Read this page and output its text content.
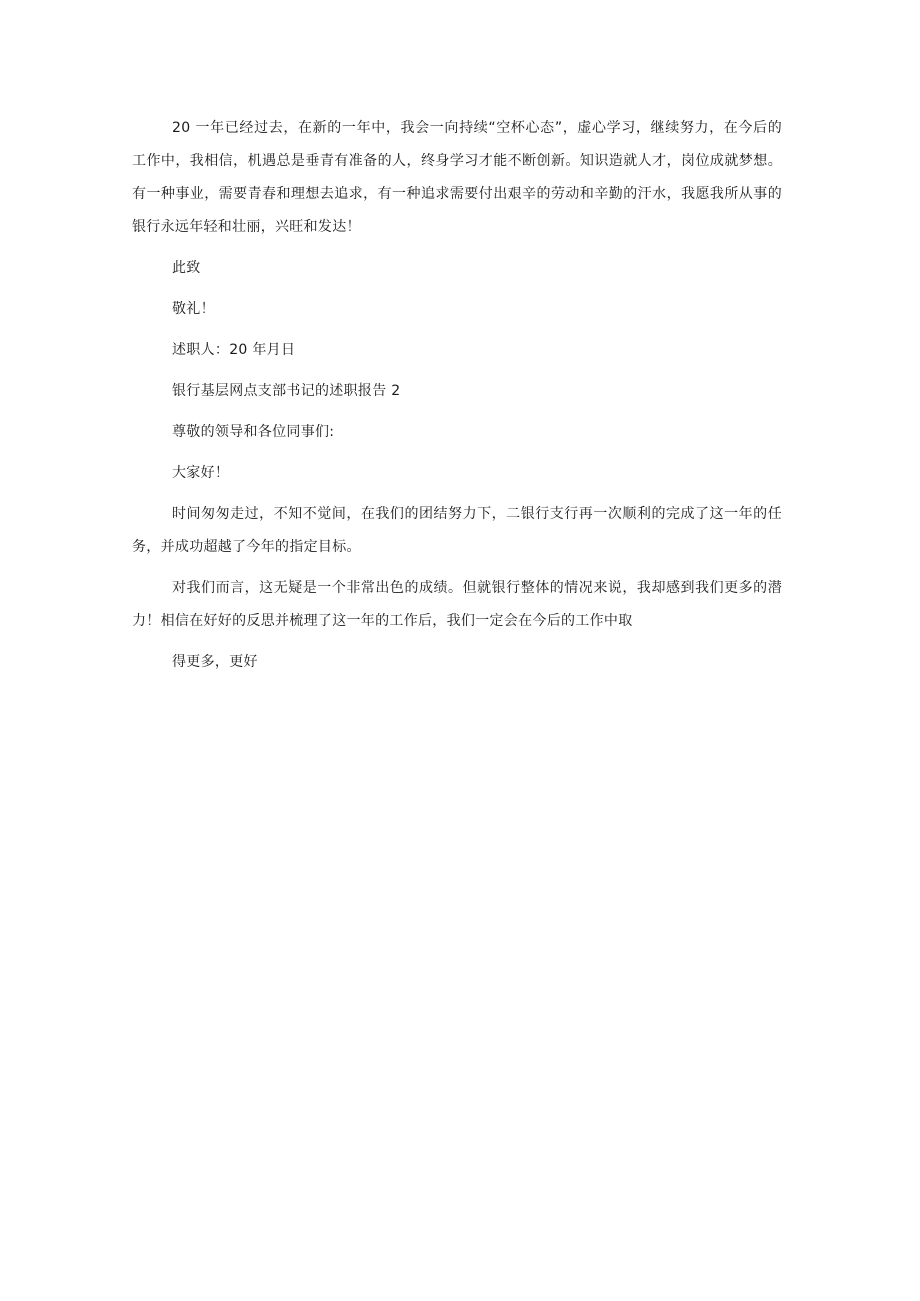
20 一年已经过去，在新的一年中，我会一向持续“空杯心态”，虚心学习，继续努力，在今后的工作中，我相信，机遇总是垂青有准备的人，终身学习才能不断创新。知识造就人才，岗位成就梦想。有一种事业，需要青春和理想去追求，有一种追求需要付出艰辛的劳动和辛勤的汗水，我愿我所从事的银行永远年轻和壮丽，兴旺和发达！

此致

敬礼！

述职人：20 年月日

银行基层网点支部书记的述职报告 2

尊敬的领导和各位同事们:

大家好！

时间匆匆走过，不知不觉间，在我们的团结努力下，二银行支行再一次顺利的完成了这一年的任务，并成功超越了今年的指定目标。

对我们而言，这无疑是一个非常出色的成绩。但就银行整体的情况来说，我却感到我们更多的潜力！相信在好好的反思并梳理了这一年的工作后，我们一定会在今后的工作中取

得更多，更好
